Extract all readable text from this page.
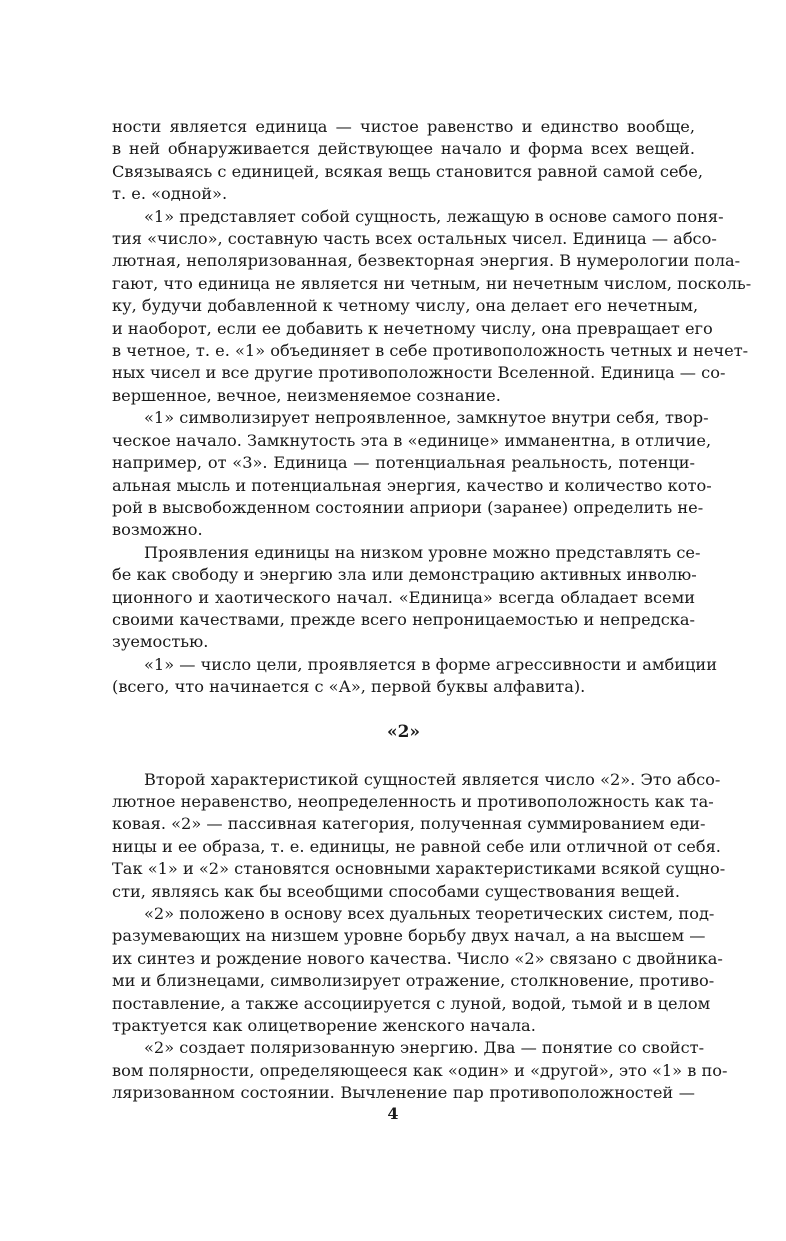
ности является единица — чистое равенство и единство вообще,
в ней обнаруживается действующее начало и форма всех вещей.
Связываясь с единицей, всякая вещь становится равной самой себе,
т. е. «одной».

«1» представляет собой сущность, лежащую в основе самого поня-
тия «число», составную часть всех остальных чисел. Единица — абсо-
лютная, неполяризованная, безвекторная энергия. В нумерологии пола-
гают, что единица не является ни четным, ни нечетным числом, посколь-
ку, будучи добавленной к четному числу, она делает его нечетным,
и наоборот, если ее добавить к нечетному числу, она превращает его
в четное, т. е. «1» объединяет в себе противоположность четных и нечет-
ных чисел и все другие противоположности Вселенной. Единица — со-
вершенное, вечное, неизменяемое сознание.

«1» символизирует непроявленное, замкнутое внутри себя, твор-
ческое начало. Замкнутость эта в «единице» имманентна, в отличие,
например, от «3». Единица — потенциальная реальность, потенци-
альная мысль и потенциальная энергия, качество и количество кото-
рой в высвобожденном состоянии априори (заранее) определить не-
возможно.

Проявления единицы на низком уровне можно представлять се-
бе как свободу и энергию зла или демонстрацию активных инволю-
ционного и хаотического начал. «Единица» всегда обладает всеми
своими качествами, прежде всего непроницаемостью и непредска-
зуемостью.

«1» — число цели, проявляется в форме агрессивности и амбиции
(всего, что начинается с «А», первой буквы алфавита).

«2»

Второй характеристикой сущностей является число «2». Это абсо-
лютное неравенство, неопределенность и противоположность как та-
ковая. «2» — пассивная категория, полученная суммированием еди-
ницы и ее образа, т. е. единицы, не равной себе или отличной от себя.
Так «1» и «2» становятся основными характеристиками всякой сущно-
сти, являясь как бы всеобщими способами существования вещей.

«2» положено в основу всех дуальных теоретических систем, под-
разумевающих на низшем уровне борьбу двух начал, а на высшем —
их синтез и рождение нового качества. Число «2» связано с двойника-
ми и близнецами, символизирует отражение, столкновение, противо-
поставление, а также ассоциируется с луной, водой, тьмой и в целом
трактуется как олицетворение женского начала.

«2» создает поляризованную энергию. Два — понятие со свойст-
вом полярности, определяющееся как «один» и «другой», это «1» в по-
ляризованном состоянии. Вычленение пар противоположностей —

4
